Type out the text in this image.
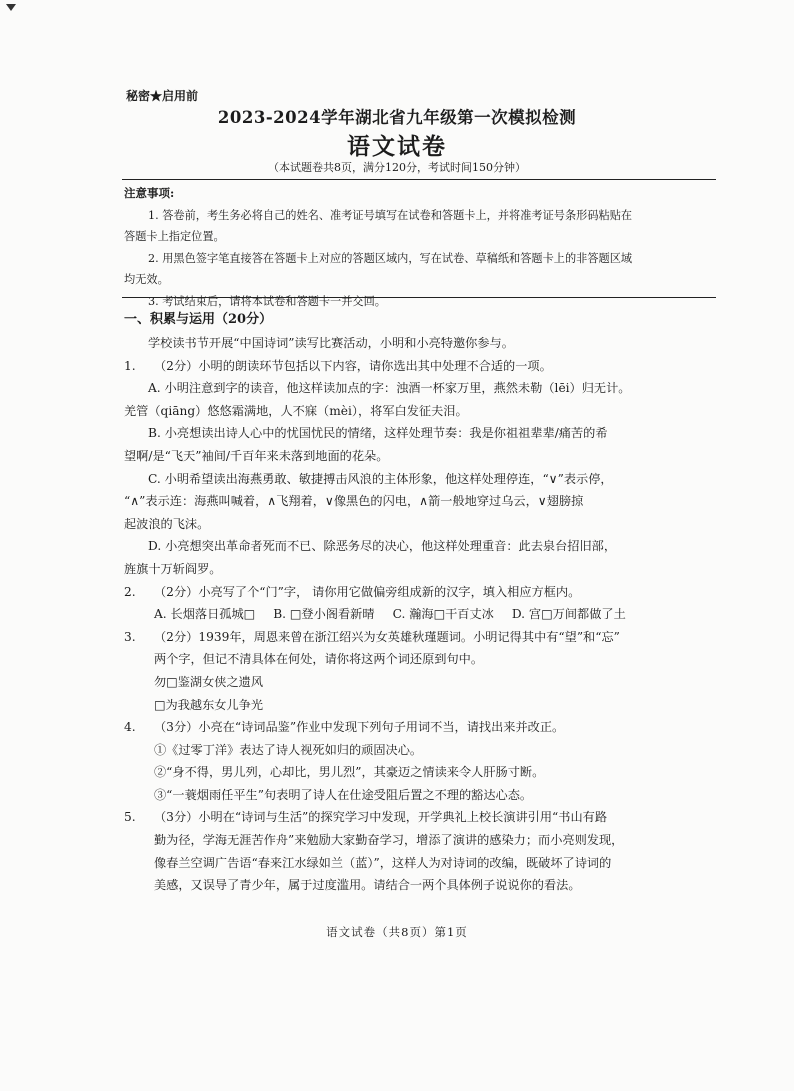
秘密★启用前
2023-2024学年湖北省九年级第一次模拟检测
语文试卷
（本试题卷共8页，满分120分，考试时间150分钟）
注意事项:
1. 答卷前，考生务必将自己的姓名、准考证号填写在试卷和答题卡上，并将准考证号条形码粘贴在
答题卡上指定位置。
2. 用黑色签字笔直接答在答题卡上对应的答题区域内，写在试卷、草稿纸和答题卡上的非答题区域
均无效。
3. 考试结束后，请将本试卷和答题卡一并交回。
一、积累与运用（20分）
学校读书节开展“中国诗词”读写比赛活动，小明和小亮特邀你参与。
1. （2分）小明的朗读环节包括以下内容，请你选出其中处理不合适的一项。
A. 小明注意到字的读音，他这样读加点的字：浊酒一杯家万里，燕然未勒（lēi）归无计。
羌管（qiāng）悠悠霜满地，人不寐（mèi），将军白发征夫泪。
B. 小亮想读出诗人心中的忧国忧民的情绪，这样处理节奏：我是你祖祖辈辈/痛苦的希
望啊/是“飞天”袖间/千百年来未落到地面的花朵。
C. 小明希望读出海燕勇敢、敏捷搏击风浪的主体形象，他这样处理停连，“∨”表示停，
“∧”表示连：海燕叫喊着，∧飞翔着，∨像黑色的闪电，∧箭一般地穿过乌云，∨翅膀掠
起波浪的飞沫。
D. 小亮想突出革命者死而不已、除恶务尽的决心，他这样处理重音：此去泉台招旧部，
旌旗十万斩阎罗。
2. （2分）小亮写了个“门”字， 请你用它做偏旁组成新的汉字，填入相应方框内。
A. 长烟落日孤城□ B. □登小阁看新晴 C. 瀚海□干百丈冰 D. 宫□万间都做了土
3. （2分）1939年，周恩来曾在浙江绍兴为女英雄秋瑾题词。小明记得其中有“望”和“忘”
两个字，但记不清具体在何处，请你将这两个词还原到句中。
勿□鉴湖女侠之遗风
□为我越东女儿争光
4. （3分）小亮在“诗词品鉴”作业中发现下列句子用词不当，请找出来并改正。
①《过零丁洋》表达了诗人视死如归的顽固决心。
②“身不得，男儿列，心却比，男儿烈”，其豪迈之情读来令人肝肠寸断。
③“一蓑烟雨任平生”句表明了诗人在仕途受阻后置之不理的豁达心态。
5. （3分）小明在“诗词与生活”的探究学习中发现，开学典礼上校长演讲引用“书山有路
勤为径，学海无涯苦作舟”来勉励大家勤奋学习，增添了演讲的感染力；而小亮则发现，
像春兰空调广告语“春来江水绿如兰（蓝）”，这样人为对诗词的改编，既破坏了诗词的
美感，又误导了青少年，属于过度滥用。请结合一两个具体例子说说你的看法。
语文试卷（共8页）第1页
